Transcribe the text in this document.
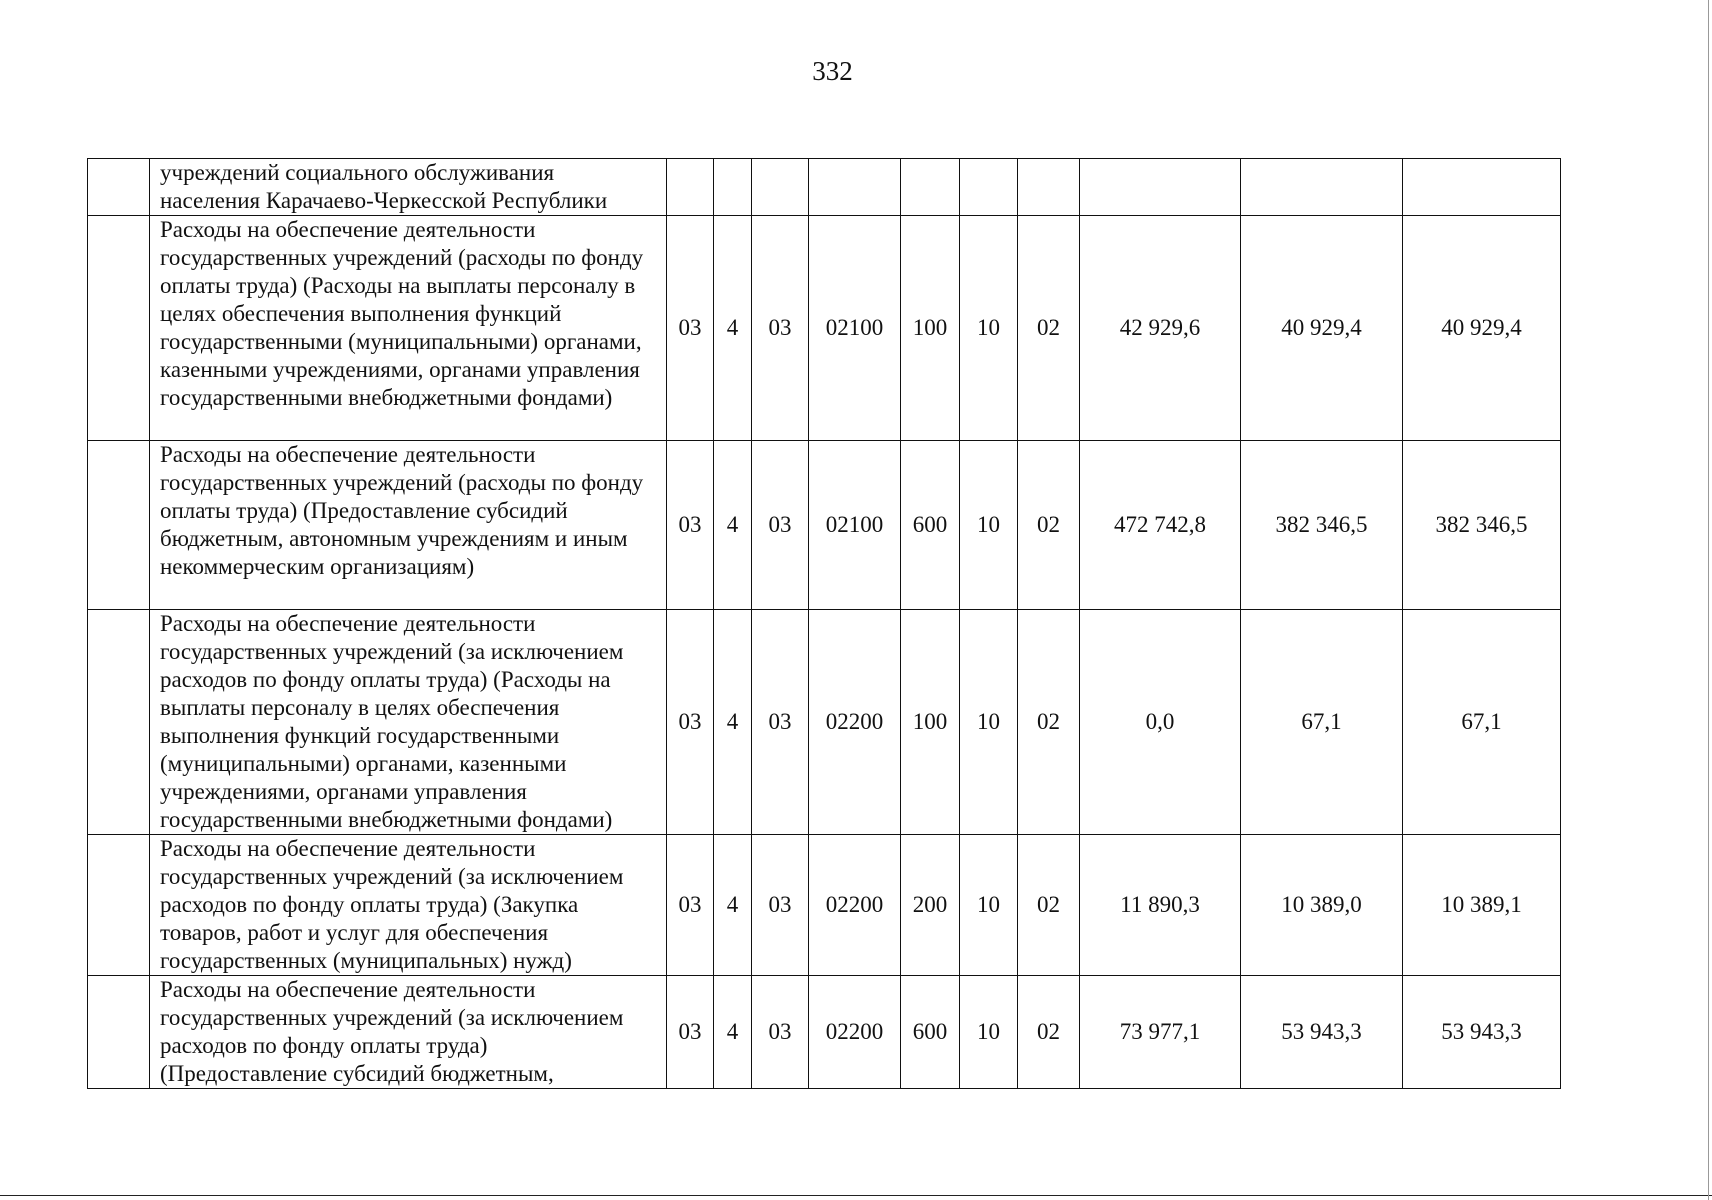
332
	учреждений социального обслуживания населения Карачаево-Черкесской Республики										
	Расходы на обеспечение деятельности государственных учреждений (расходы по фонду оплаты труда) (Расходы на выплаты персоналу в целях обеспечения выполнения функций государственными (муниципальными) органами, казенными учреждениями, органами управления государственными внебюджетными фондами)	03	4	03	02100	100	10	02	42 929,6	40 929,4	40 929,4
	Расходы на обеспечение деятельности государственных учреждений (расходы по фонду оплаты труда) (Предоставление субсидий бюджетным, автономным учреждениям и иным некоммерческим организациям)	03	4	03	02100	600	10	02	472 742,8	382 346,5	382 346,5
	Расходы на обеспечение деятельности государственных учреждений (за исключением расходов по фонду оплаты труда) (Расходы на выплаты персоналу в целях обеспечения выполнения функций государственными (муниципальными) органами, казенными учреждениями, органами управления государственными внебюджетными фондами)	03	4	03	02200	100	10	02	0,0	67,1	67,1
	Расходы на обеспечение деятельности государственных учреждений (за исключением расходов по фонду оплаты труда) (Закупка товаров, работ и услуг для обеспечения государственных (муниципальных) нужд)	03	4	03	02200	200	10	02	11 890,3	10 389,0	10 389,1
	Расходы на обеспечение деятельности государственных учреждений (за исключением расходов по фонду оплаты труда) (Предоставление субсидий бюджетным,	03	4	03	02200	600	10	02	73 977,1	53 943,3	53 943,3
